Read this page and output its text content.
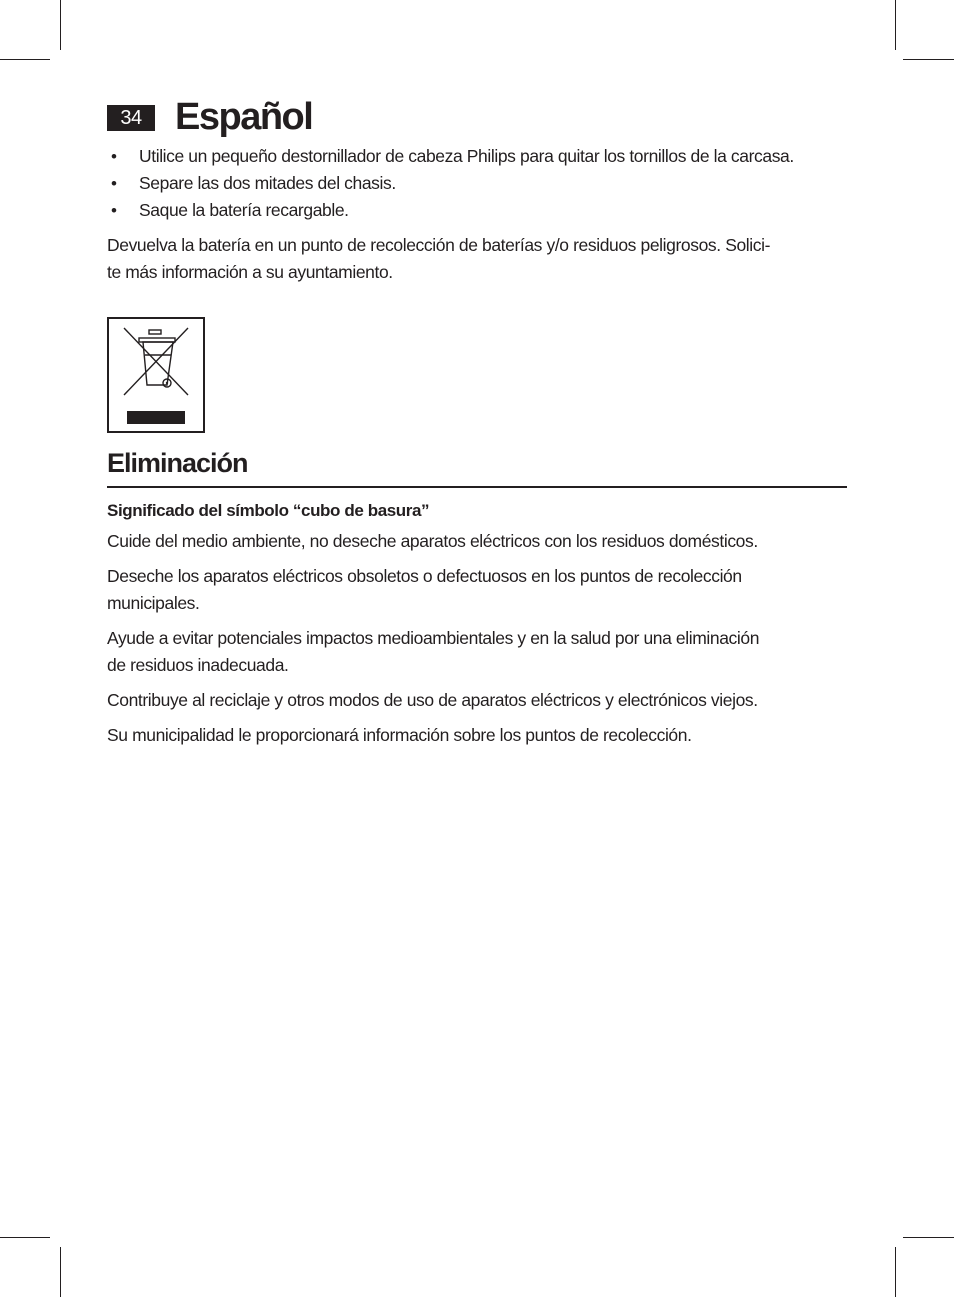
34 Español
• Utilice un pequeño destornillador de cabeza Philips para quitar los tornillos de la carcasa.
• Separe las dos mitades del chasis.
• Saque la batería recargable.
Devuelva la batería en un punto de recolección de baterías y/o residuos peligrosos. Solici-
te más información a su ayuntamiento.
Eliminación
Significado del símbolo “cubo de basura”
Cuide del medio ambiente, no deseche aparatos eléctricos con los residuos domésticos.
Deseche los aparatos eléctricos obsoletos o defectuosos en los puntos de recolección
municipales.
Ayude a evitar potenciales impactos medioambientales y en la salud por una eliminación
de residuos inadecuada.
Contribuye al reciclaje y otros modos de uso de aparatos eléctricos y electrónicos viejos.
Su municipalidad le proporcionará información sobre los puntos de recolección.
